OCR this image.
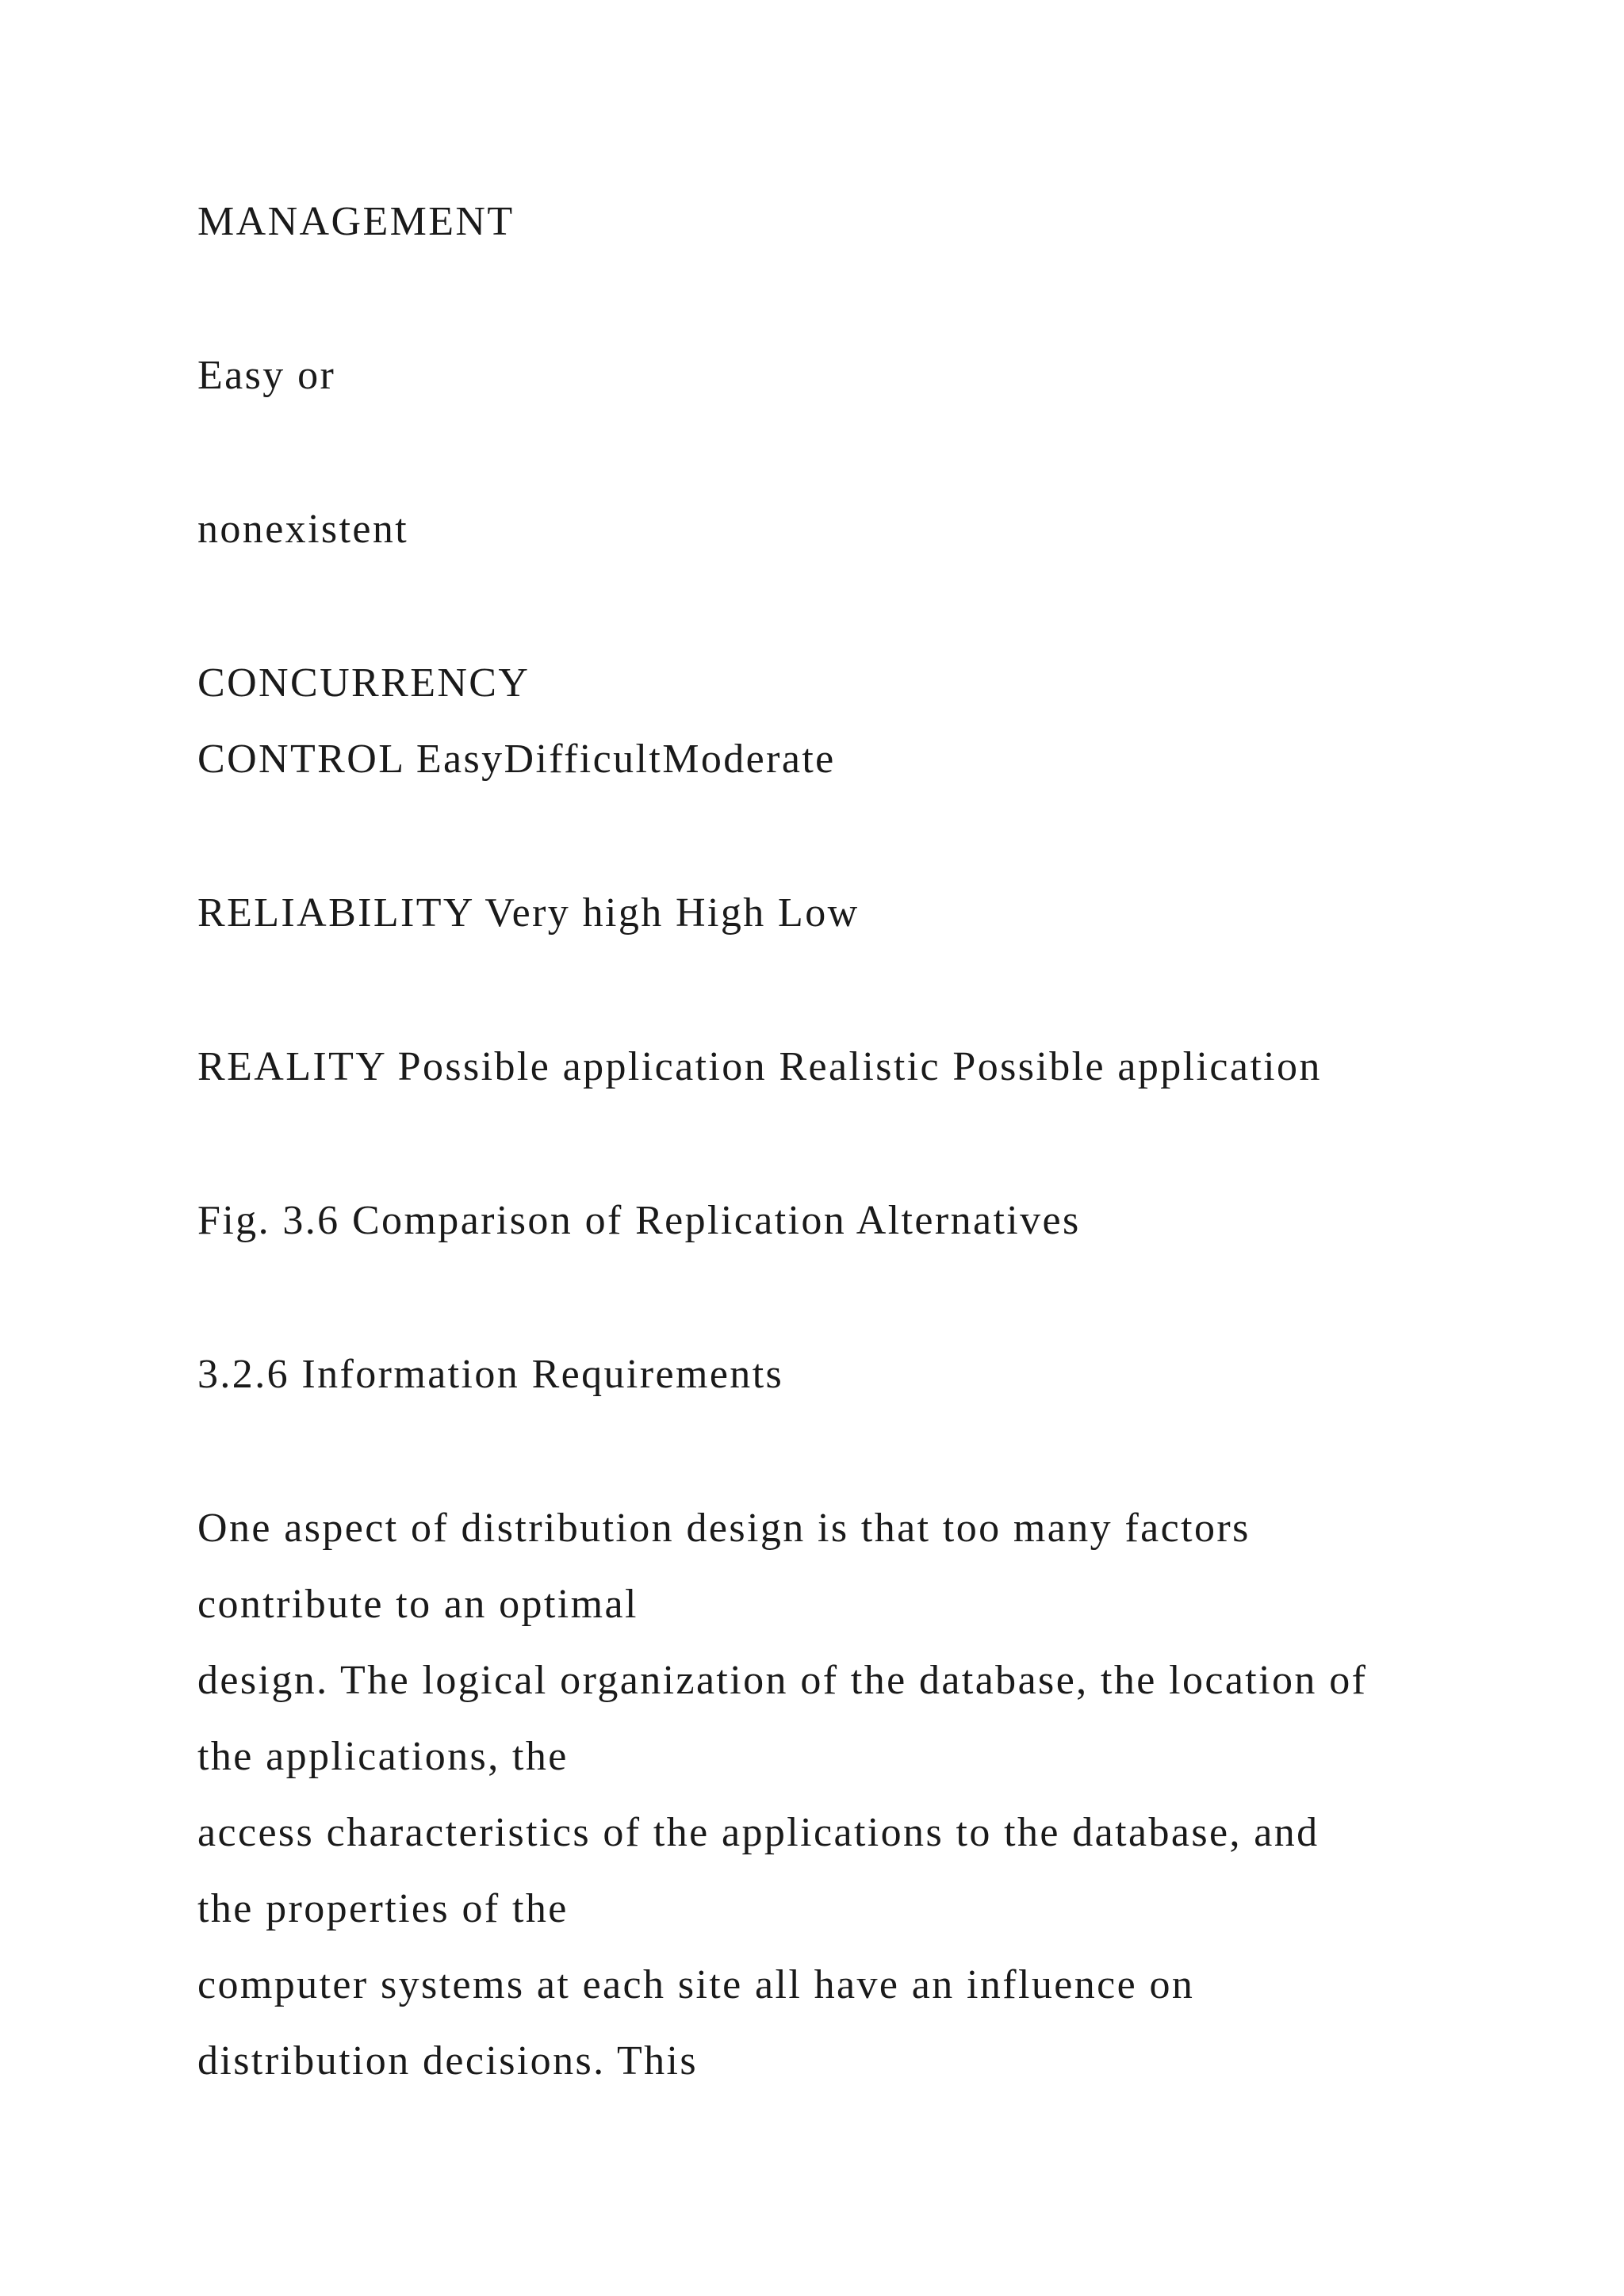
MANAGEMENT

Easy or

nonexistent

CONCURRENCY

CONTROL EasyDifficultModerate

RELIABILITY Very high High Low

REALITY Possible application Realistic Possible application

Fig. 3.6 Comparison of Replication Alternatives

3.2.6 Information Requirements

One aspect of distribution design is that too many factors

contribute to an optimal

design. The logical organization of the database, the location of

the applications, the

access characteristics of the applications to the database, and

the properties of the

computer systems at each site all have an influence on

distribution decisions. This
